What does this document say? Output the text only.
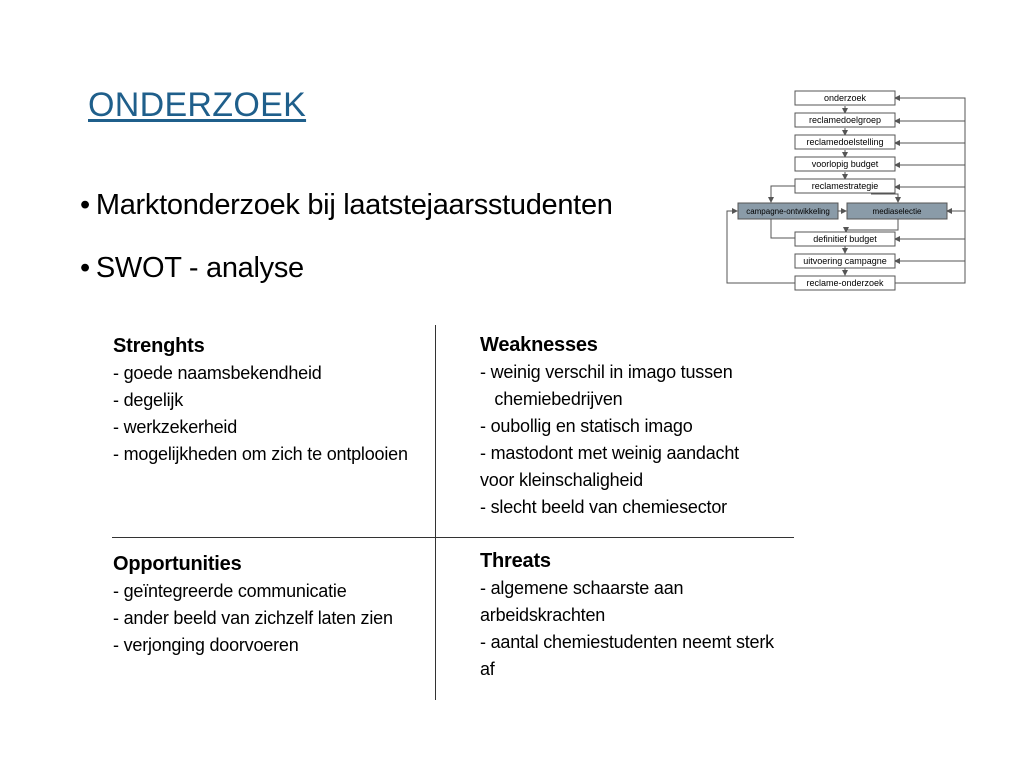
ONDERZOEK
• Marktonderzoek bij laatstejaarsstudenten
• SWOT - analyse
onderzoek
reclamedoelgroep
reclamedoelstelling
voorlopig budget
reclamestrategie
campagne-ontwikkeling	mediaselectie
definitief budget
uitvoering campagne
reclame-onderzoek
Strenghts
- goede naamsbekendheid
- degelijk
- werkzekerheid
- mogelijkheden om zich te ontplooien
Weaknesses
- weinig verschil in imago tussen
chemiebedrijven
- oubollig en statisch imago
- mastodont met weinig aandacht
voor kleinschaligheid
- slecht beeld van chemiesector
Opportunities
- geïntegreerde communicatie
- ander beeld van zichzelf laten zien
- verjonging doorvoeren
Threats
- algemene schaarste aan
arbeidskrachten
- aantal chemiestudenten neemt sterk
af
